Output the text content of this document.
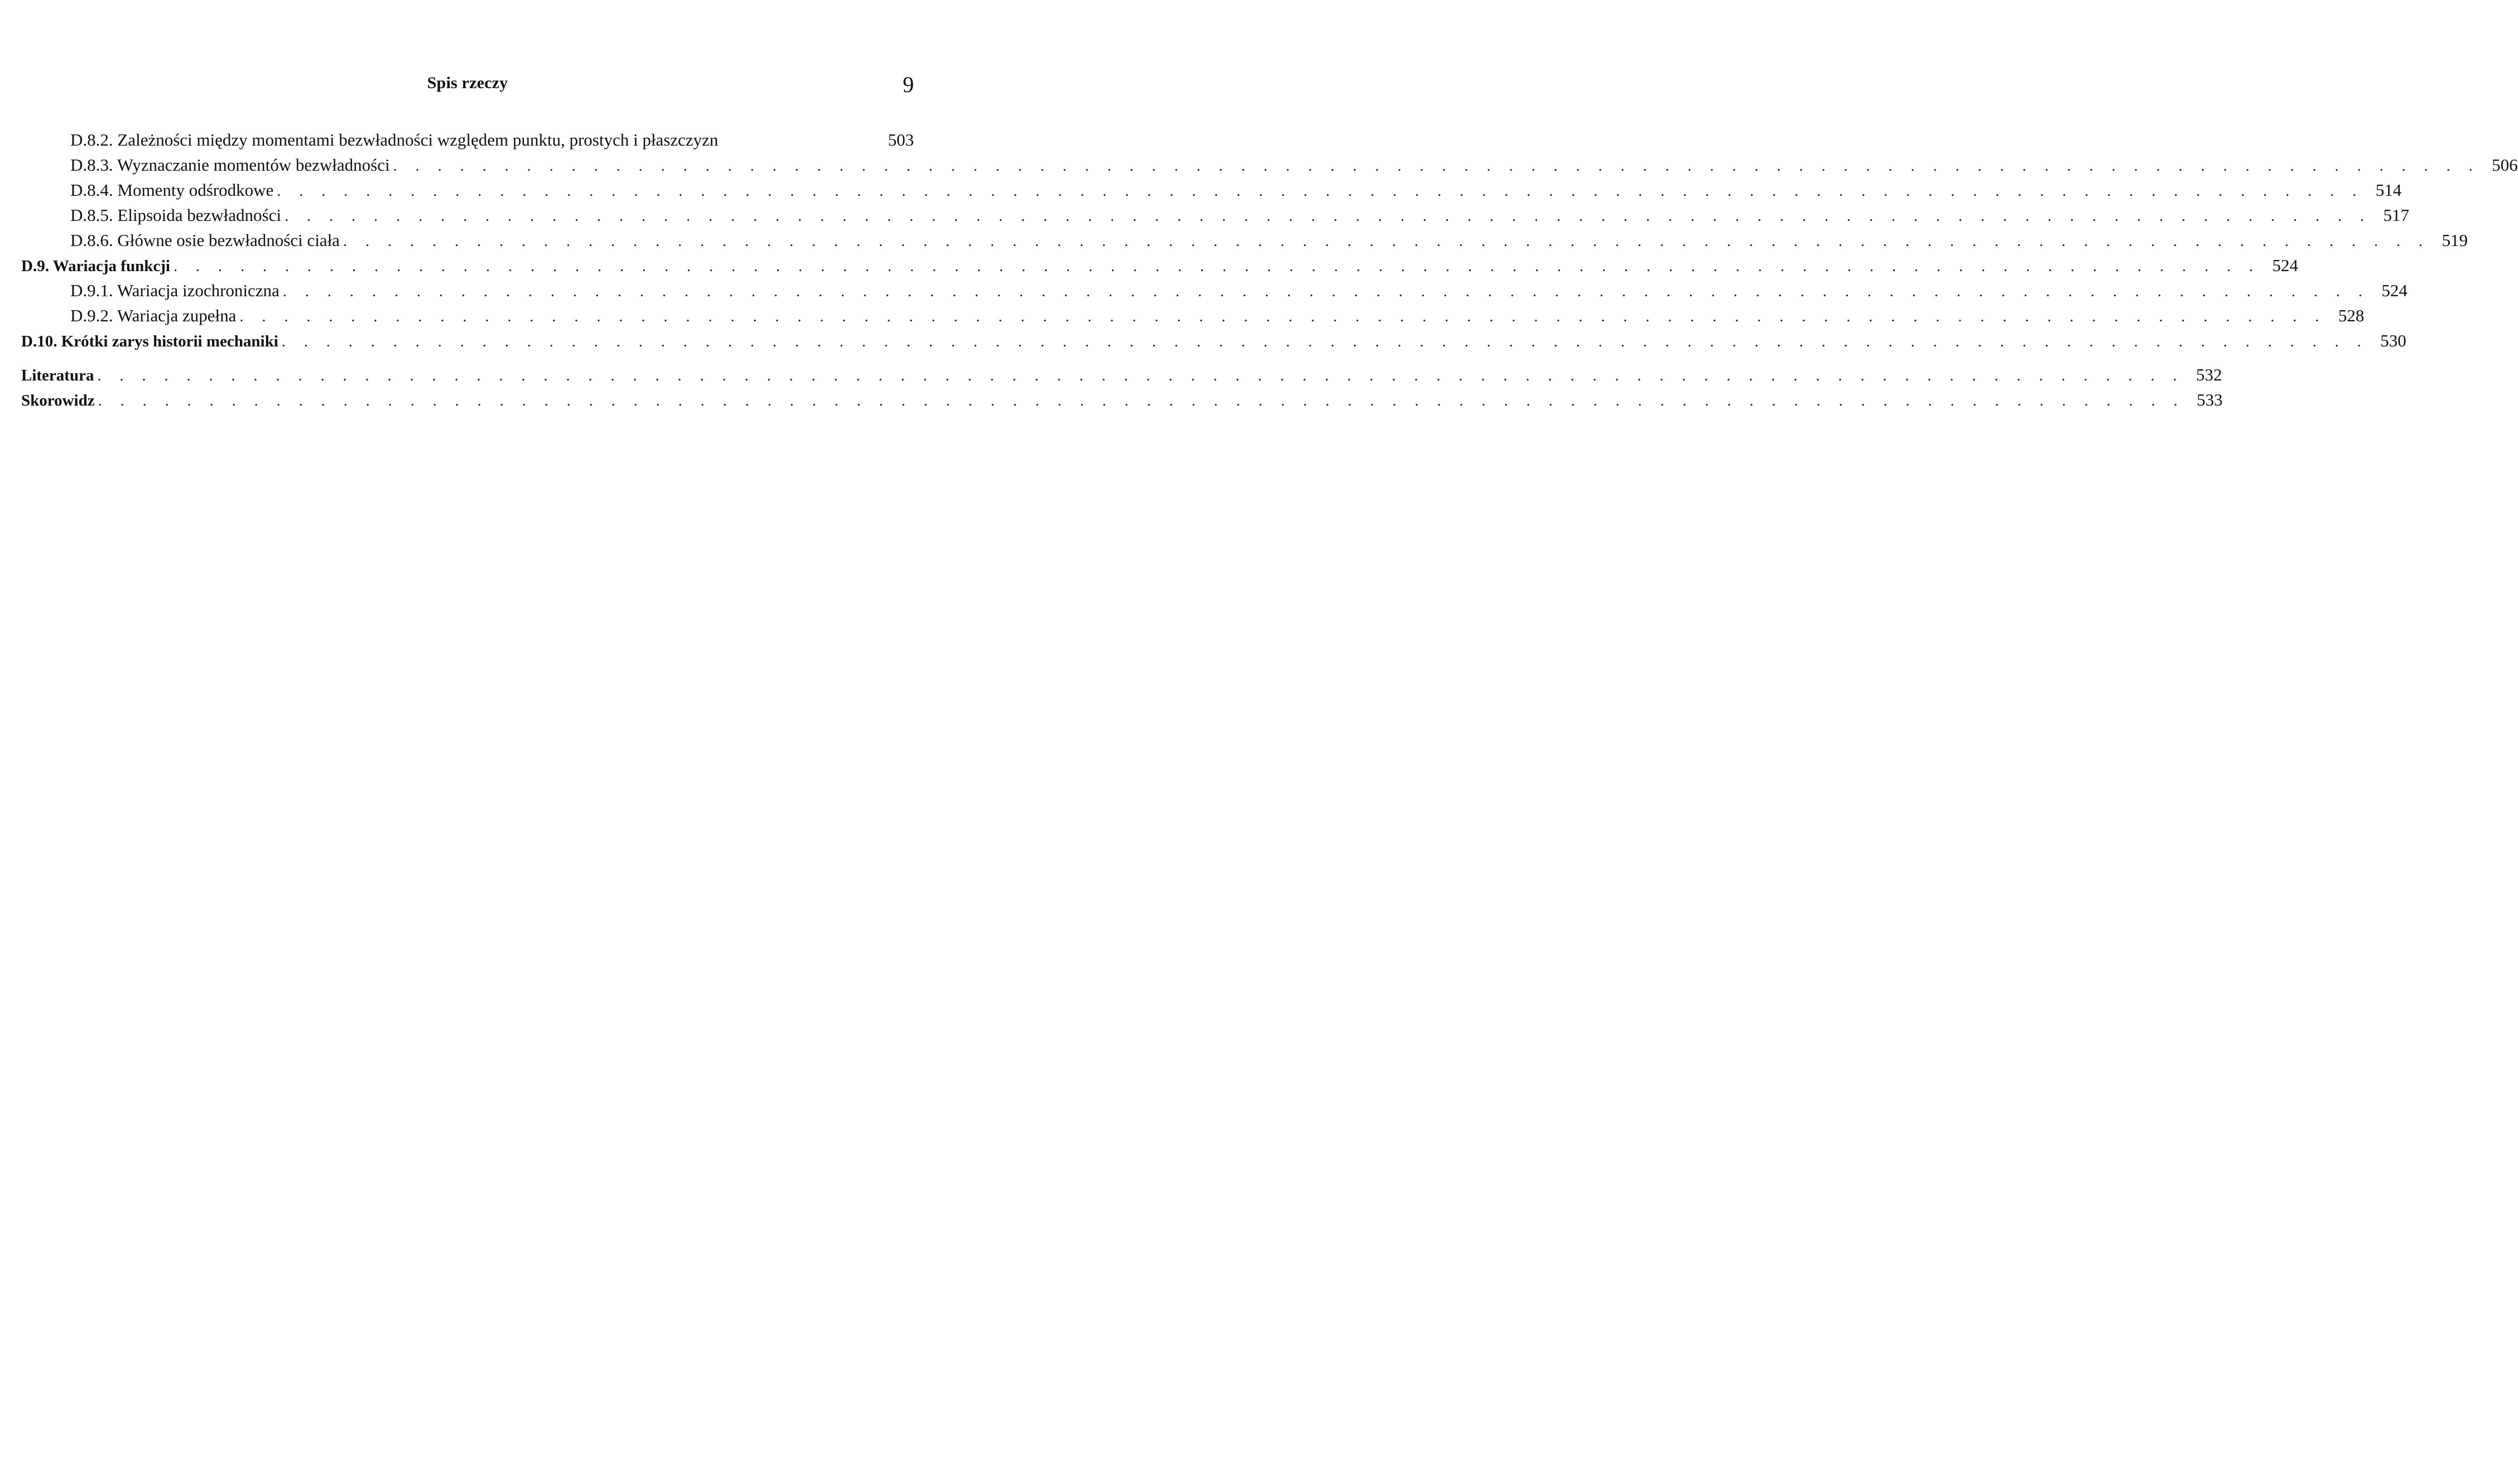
Spis rzeczy	9
D.8.2. Zależności między momentami bezwładności względem punktu, prostych i płaszczyzn	503
D.8.3. Wyznaczanie momentów bezwładności . . . . . . . . . . . . . . . . . . . . . . . . . . . . . . . . . . . . . . . . . . . . . . . . . . . . . . . . . . . . . . . . . . . . . . . . . . . . . . . . . . . . . . . . . . . . . . 506
D.8.4. Momenty odśrodkowe . . . . . . . . . . . . . . . . . . . . . . . . . . . . . . . . . . . . . . . . . . . . . . . . . . . . . . . . . . . . . . . . . . . . . . . . . . . . . . . . . . . . . . . . . . . . . . 514
D.8.5. Elipsoida bezwładności . . . . . . . . . . . . . . . . . . . . . . . . . . . . . . . . . . . . . . . . . . . . . . . . . . . . . . . . . . . . . . . . . . . . . . . . . . . . . . . . . . . . . . . . . . . . . . 517
D.8.6. Główne osie bezwładności ciała . . . . . . . . . . . . . . . . . . . . . . . . . . . . . . . . . . . . . . . . . . . . . . . . . . . . . . . . . . . . . . . . . . . . . . . . . . . . . . . . . . . . . . . . . . . . . . 519
D.9. Wariacja funkcji . . . . . . . . . . . . . . . . . . . . . . . . . . . . . . . . . . . . . . . . . . . . . . . . . . . . . . . . . . . . . . . . . . . . . . . . . . . . . . . . . . . . . . . . . . . . . . 524
D.9.1. Wariacja izochroniczna . . . . . . . . . . . . . . . . . . . . . . . . . . . . . . . . . . . . . . . . . . . . . . . . . . . . . . . . . . . . . . . . . . . . . . . . . . . . . . . . . . . . . . . . . . . . . . 524
D.9.2. Wariacja zupełna . . . . . . . . . . . . . . . . . . . . . . . . . . . . . . . . . . . . . . . . . . . . . . . . . . . . . . . . . . . . . . . . . . . . . . . . . . . . . . . . . . . . . . . . . . . . . . 528
D.10. Krótki zarys historii mechaniki . . . . . . . . . . . . . . . . . . . . . . . . . . . . . . . . . . . . . . . . . . . . . . . . . . . . . . . . . . . . . . . . . . . . . . . . . . . . . . . . . . . . . . . . . . . . . . 530
Literatura . . . . . . . . . . . . . . . . . . . . . . . . . . . . . . . . . . . . . . . . . . . . . . . . . . . . . . . . . . . . . . . . . . . . . . . . . . . . . . . . . . . . . . . . . . . . . . 532
Skorowidz . . . . . . . . . . . . . . . . . . . . . . . . . . . . . . . . . . . . . . . . . . . . . . . . . . . . . . . . . . . . . . . . . . . . . . . . . . . . . . . . . . . . . . . . . . . . . . 533
